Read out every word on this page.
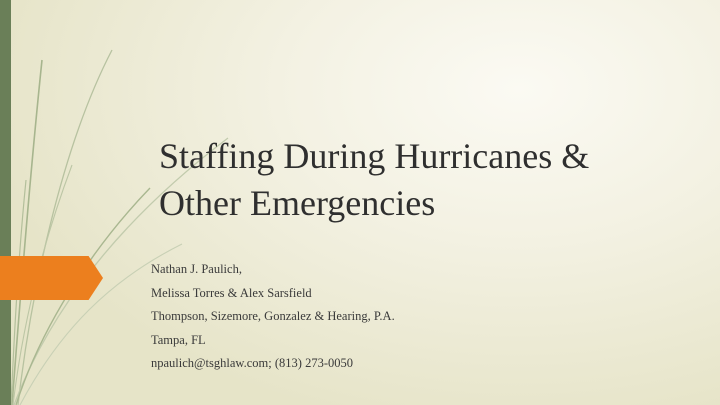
Staffing During Hurricanes &
Other Emergencies
Nathan J. Paulich,
Melissa Torres & Alex Sarsfield
Thompson, Sizemore, Gonzalez & Hearing, P.A.
Tampa, FL
npaulich@tsghlaw.com; (813) 273-0050
